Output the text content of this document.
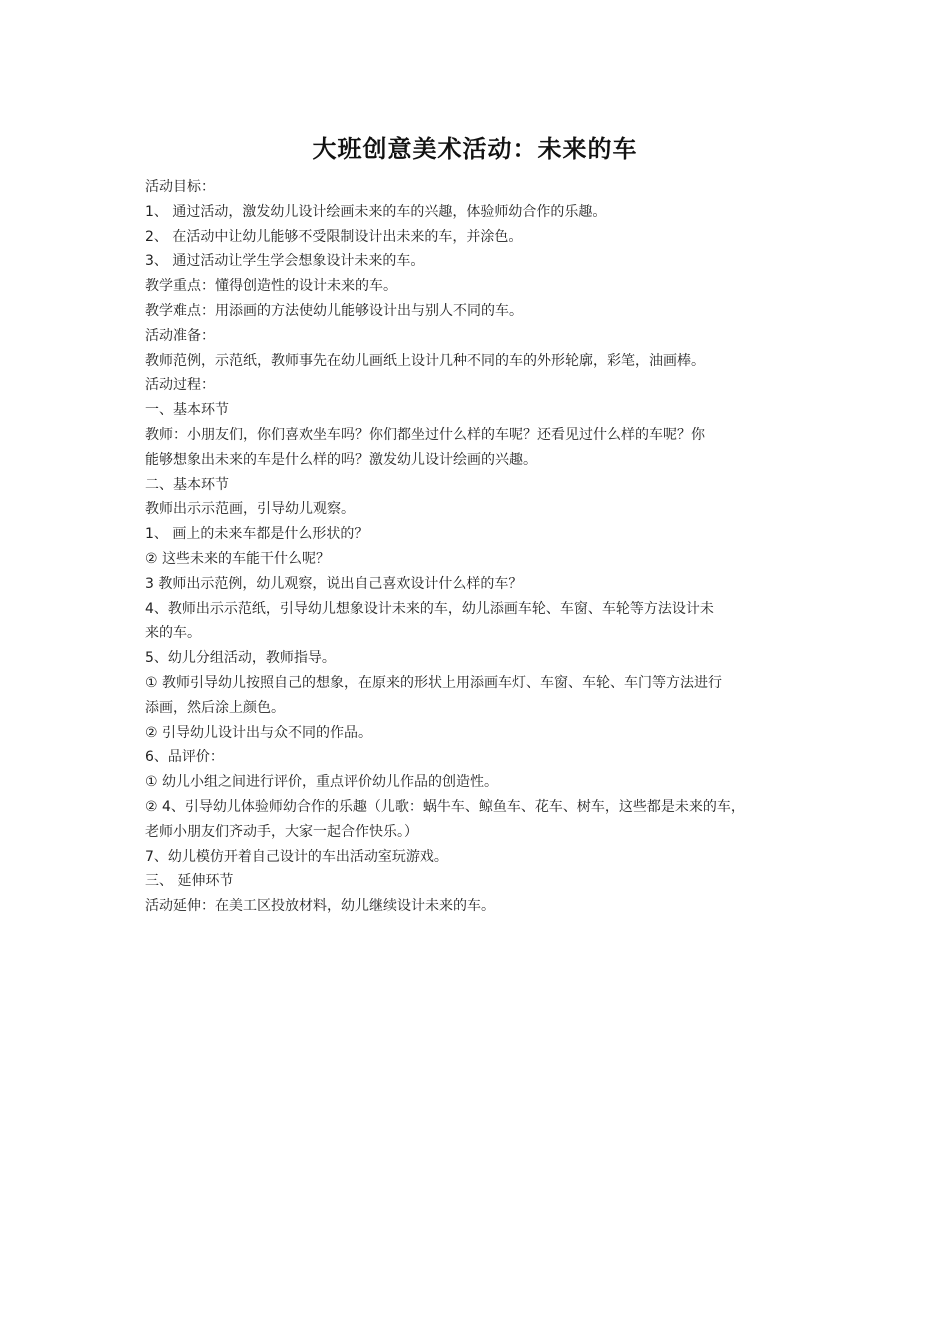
大班创意美术活动：未来的车

活动目标：

1、 通过活动，激发幼儿设计绘画未来的车的兴趣，体验师幼合作的乐趣。

2、 在活动中让幼儿能够不受限制设计出未来的车，并涂色。

3、 通过活动让学生学会想象设计未来的车。

教学重点：懂得创造性的设计未来的车。

教学难点：用添画的方法使幼儿能够设计出与别人不同的车。

活动准备：

教师范例，示范纸，教师事先在幼儿画纸上设计几种不同的车的外形轮廓，彩笔，油画棒。

活动过程：

一、基本环节

教师：小朋友们，你们喜欢坐车吗？你们都坐过什么样的车呢？还看见过什么样的车呢？你

能够想象出未来的车是什么样的吗？激发幼儿设计绘画的兴趣。

二、基本环节

教师出示示范画，引导幼儿观察。

1、 画上的未来车都是什么形状的？

② 这些未来的车能干什么呢？

3 教师出示范例，幼儿观察，说出自己喜欢设计什么样的车？

4、教师出示示范纸，引导幼儿想象设计未来的车，幼儿添画车轮、车窗、车轮等方法设计未

来的车。

5、幼儿分组活动，教师指导。

① 教师引导幼儿按照自己的想象，在原来的形状上用添画车灯、车窗、车轮、车门等方法进行

添画，然后涂上颜色。

② 引导幼儿设计出与众不同的作品。

6、品评价：

① 幼儿小组之间进行评价，重点评价幼儿作品的创造性。

② 4、引导幼儿体验师幼合作的乐趣（儿歌：蜗牛车、鲸鱼车、花车、树车，这些都是未来的车，

老师小朋友们齐动手，大家一起合作快乐。）

7、幼儿模仿开着自己设计的车出活动室玩游戏。

三、 延伸环节

活动延伸：在美工区投放材料，幼儿继续设计未来的车。
